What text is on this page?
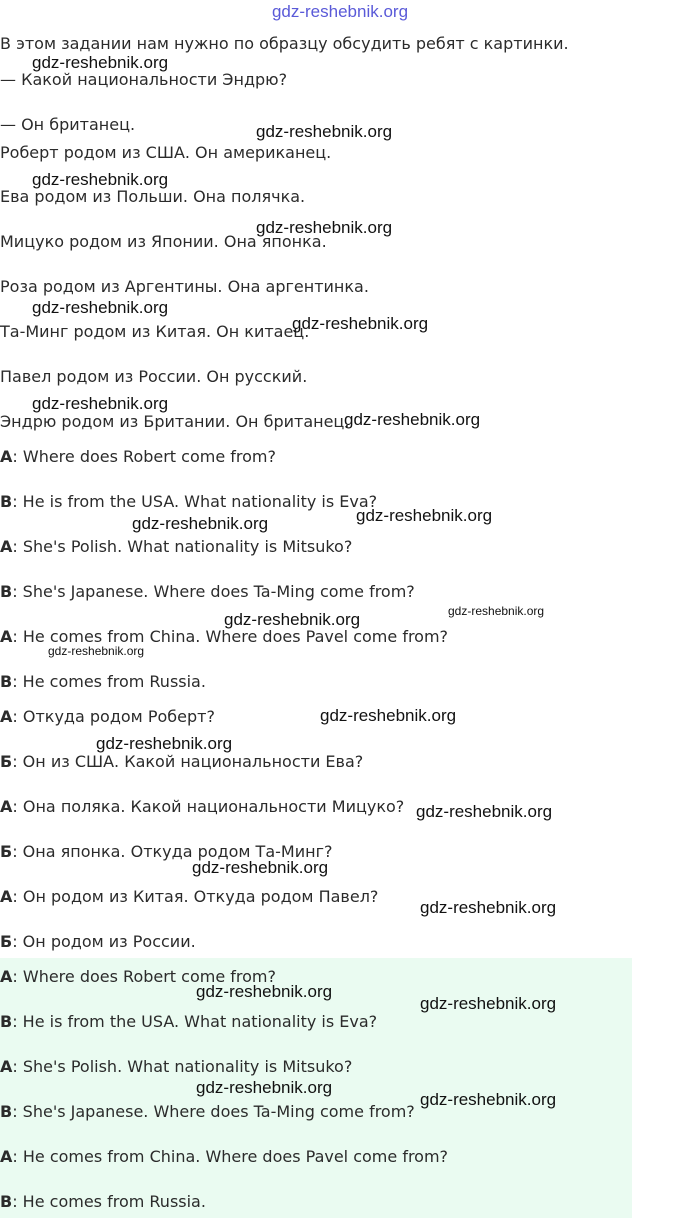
gdz-reshebnik.org
В этом задании нам нужно по образцу обсудить ребят с картинки.
— Какой национальности Эндрю?
— Он британец.
Роберт родом из США. Он американец.
Ева родом из Польши. Она полячка.
Мицуко родом из Японии. Она японка.
Роза родом из Аргентины. Она аргентинка.
Та-Минг родом из Китая. Он китаец.
Павел родом из России. Он русский.
Эндрю родом из Британии. Он британец.
A: Where does Robert come from?
B: He is from the USA. What nationality is Eva?
A: She's Polish. What nationality is Mitsuko?
B: She's Japanese. Where does Ta-Ming come from?
A: He comes from China. Where does Pavel come from?
B: He comes from Russia.
А: Откуда родом Роберт?
Б: Он из США. Какой национальности Ева?
А: Она поляка. Какой национальности Мицуко?
Б: Она японка. Откуда родом Та-Минг?
А: Он родом из Китая. Откуда родом Павел?
Б: Он родом из России.
A: Where does Robert come from?
B: He is from the USA. What nationality is Eva?
A: She's Polish. What nationality is Mitsuko?
B: She's Japanese. Where does Ta-Ming come from?
A: He comes from China. Where does Pavel come from?
B: He comes from Russia.
gdz-reshebnik.org
gdz-reshebnik.org
gdz-reshebnik.org
gdz-reshebnik.org
gdz-reshebnik.org
gdz-reshebnik.org
gdz-reshebnik.org
gdz-reshebnik.org
gdz-reshebnik.org
gdz-reshebnik.org
gdz-reshebnik.org
gdz-reshebnik.org
gdz-reshebnik.org
gdz-reshebnik.org
gdz-reshebnik.org
gdz-reshebnik.org
gdz-reshebnik.org
gdz-reshebnik.org
gdz-reshebnik.org
gdz-reshebnik.org
gdz-reshebnik.org
gdz-reshebnik.org
